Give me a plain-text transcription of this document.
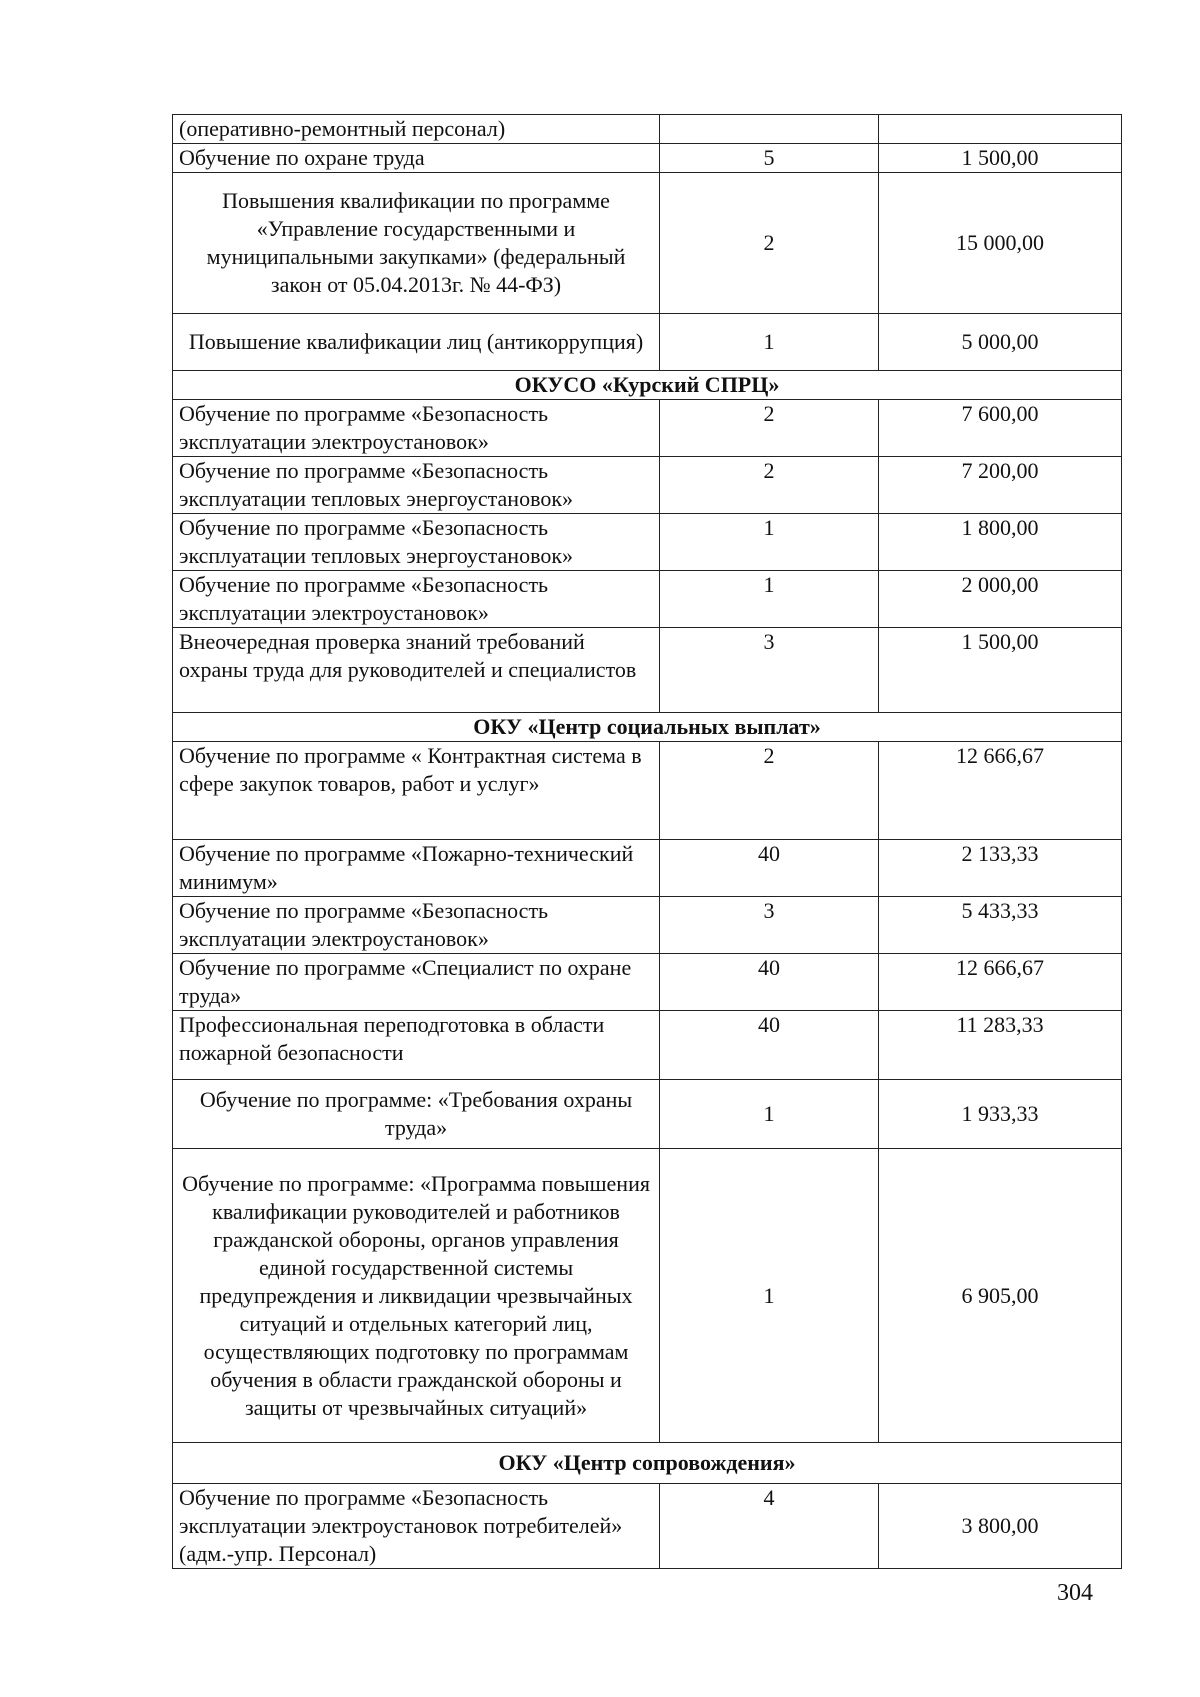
(оперативно-ремонтный персонал)		
Обучение по охране труда	5	1 500,00
Повышения квалификации по программе «Управление государственными и муниципальными закупками» (федеральный закон от 05.04.2013г. № 44-ФЗ)	2	15 000,00
Повышение квалификации лиц (антикоррупция)	1	5 000,00
ОКУСО «Курский СПРЦ»		
Обучение по программе «Безопасность эксплуатации электроустановок»	2	7 600,00
Обучение по программе «Безопасность эксплуатации тепловых энергоустановок»	2	7 200,00
Обучение по программе «Безопасность эксплуатации тепловых энергоустановок»	1	1 800,00
Обучение по программе «Безопасность эксплуатации электроустановок»	1	2 000,00
Внеочередная проверка знаний требований охраны труда для руководителей и специалистов	3	1 500,00
ОКУ «Центр социальных выплат»		
Обучение по программе « Контрактная система в сфере закупок товаров, работ и услуг»	2	12 666,67
Обучение по программе «Пожарно-технический минимум»	40	2 133,33
Обучение по программе «Безопасность эксплуатации электроустановок»	3	5 433,33
Обучение по программе «Специалист по охране труда»	40	12 666,67
Профессиональная переподготовка в области пожарной безопасности	40	11 283,33
Обучение по программе: «Требования охраны труда»	1	1 933,33
Обучение по программе: «Программа повышения квалификации руководителей и работников гражданской обороны, органов управления единой государственной системы предупреждения и ликвидации чрезвычайных ситуаций и отдельных категорий лиц, осуществляющих подготовку по программам обучения в области гражданской обороны и защиты от чрезвычайных ситуаций»	1	6 905,00
ОКУ «Центр сопровождения»		
Обучение по программе «Безопасность эксплуатации электроустановок потребителей» (адм.-упр. Персонал)	4	3 800,00
304
